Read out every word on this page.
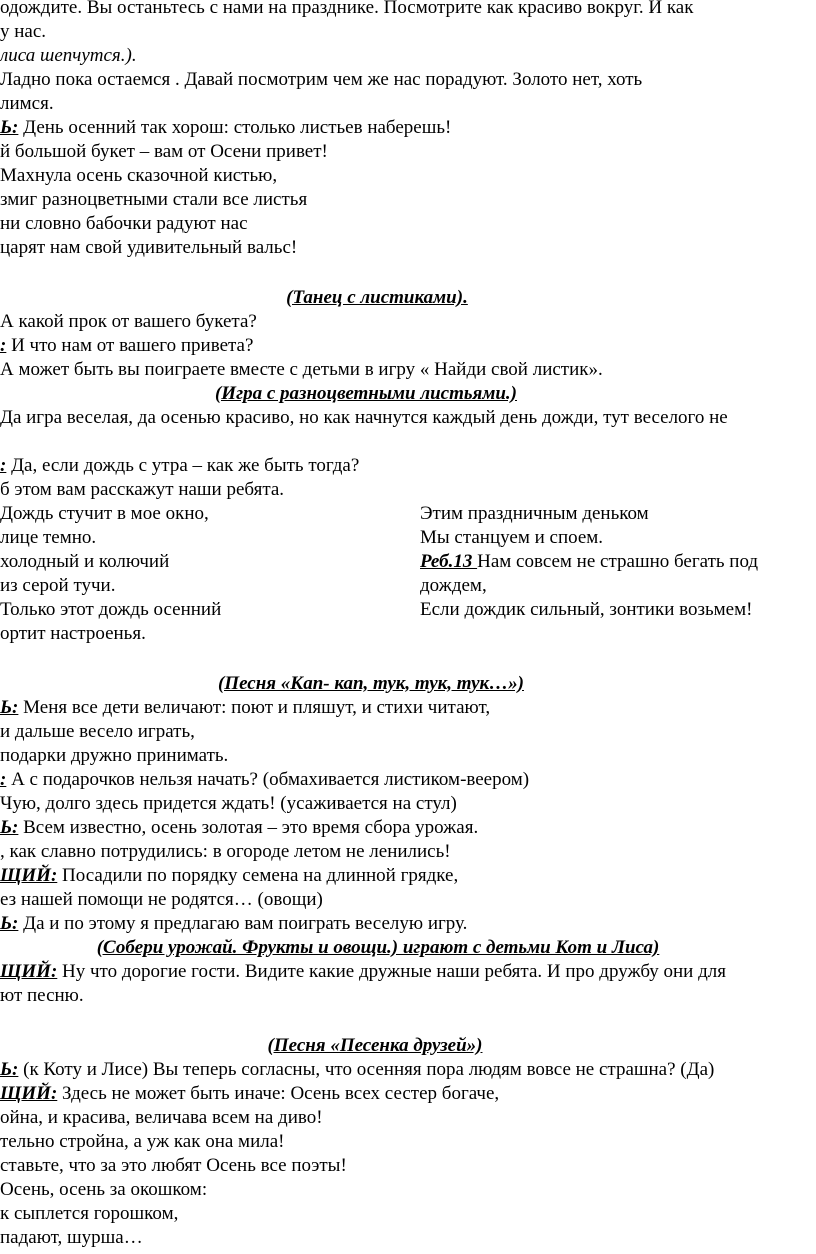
одождите. Вы останьтесь с нами на празднике. Посмотрите как красиво вокруг. И как
у нас.
лиса шепчутся.).
Ладно пока остаемся . Давай посмотрим чем же нас порадуют. Золото нет, хоть
лимся.
Ь: День осенний так хорош: столько листьев наберешь!
й большой букет – вам от Осени привет!
Махнула осень сказочной кистью,
змиг разноцветными стали все листья
ни словно бабочки радуют нас
царят нам свой удивительный вальс!
(Танец с листиками).
А какой прок от вашего букета?
: И что нам от вашего привета?
А может быть вы поиграете вместе с детьми в игру « Найди свой листик».
(Игра с разноцветными листьями.)
Да игра веселая, да осенью красиво, но как начнутся каждый день дожди, тут веселого не
: Да, если дождь с утра – как же быть тогда?
б этом вам расскажут наши ребята.
Дождь стучит в мое окно,
лице темно.
холодный и колючий
из серой тучи.
Только этот дождь осенний
ортит настроенья.
Этим праздничным деньком
Мы станцуем и споем.
Реб.13 Нам совсем не страшно бегать под
дождем,
Если дождик сильный, зонтики возьмем!
(Песня «Кап- кап, тук, тук, тук…»)
Ь: Меня все дети величают: поют и пляшут, и стихи читают,
и дальше весело играть,
подарки дружно принимать.
: А с подарочков нельзя начать? (обмахивается листиком-веером)
Чую, долго здесь придется ждать! (усаживается на стул)
Ь: Всем известно, осень золотая – это время сбора урожая.
, как славно потрудились: в огороде летом не ленились!
ЩИЙ: Посадили по порядку семена на длинной грядке,
ез нашей помощи не родятся… (овощи)
Ь: Да и по этому я предлагаю вам поиграть веселую игру.
(Собери урожай. Фрукты и овощи.) играют с детьми Кот и Лиса)
ЩИЙ: Ну что дорогие гости. Видите какие дружные наши ребята. И про дружбу они для
ют песню.
(Песня «Песенка друзей»)
Ь: (к Коту и Лисе) Вы теперь согласны, что осенняя пора людям вовсе не страшна? (Да)
ЩИЙ: Здесь не может быть иначе: Осень всех сестер богаче,
ойна, и красива, величава всем на диво!
тельно стройна, а уж как она мила!
ставьте, что за это любят Осень все поэты!
Осень, осень за окошком:
к сыплется горошком,
падают, шурша…
